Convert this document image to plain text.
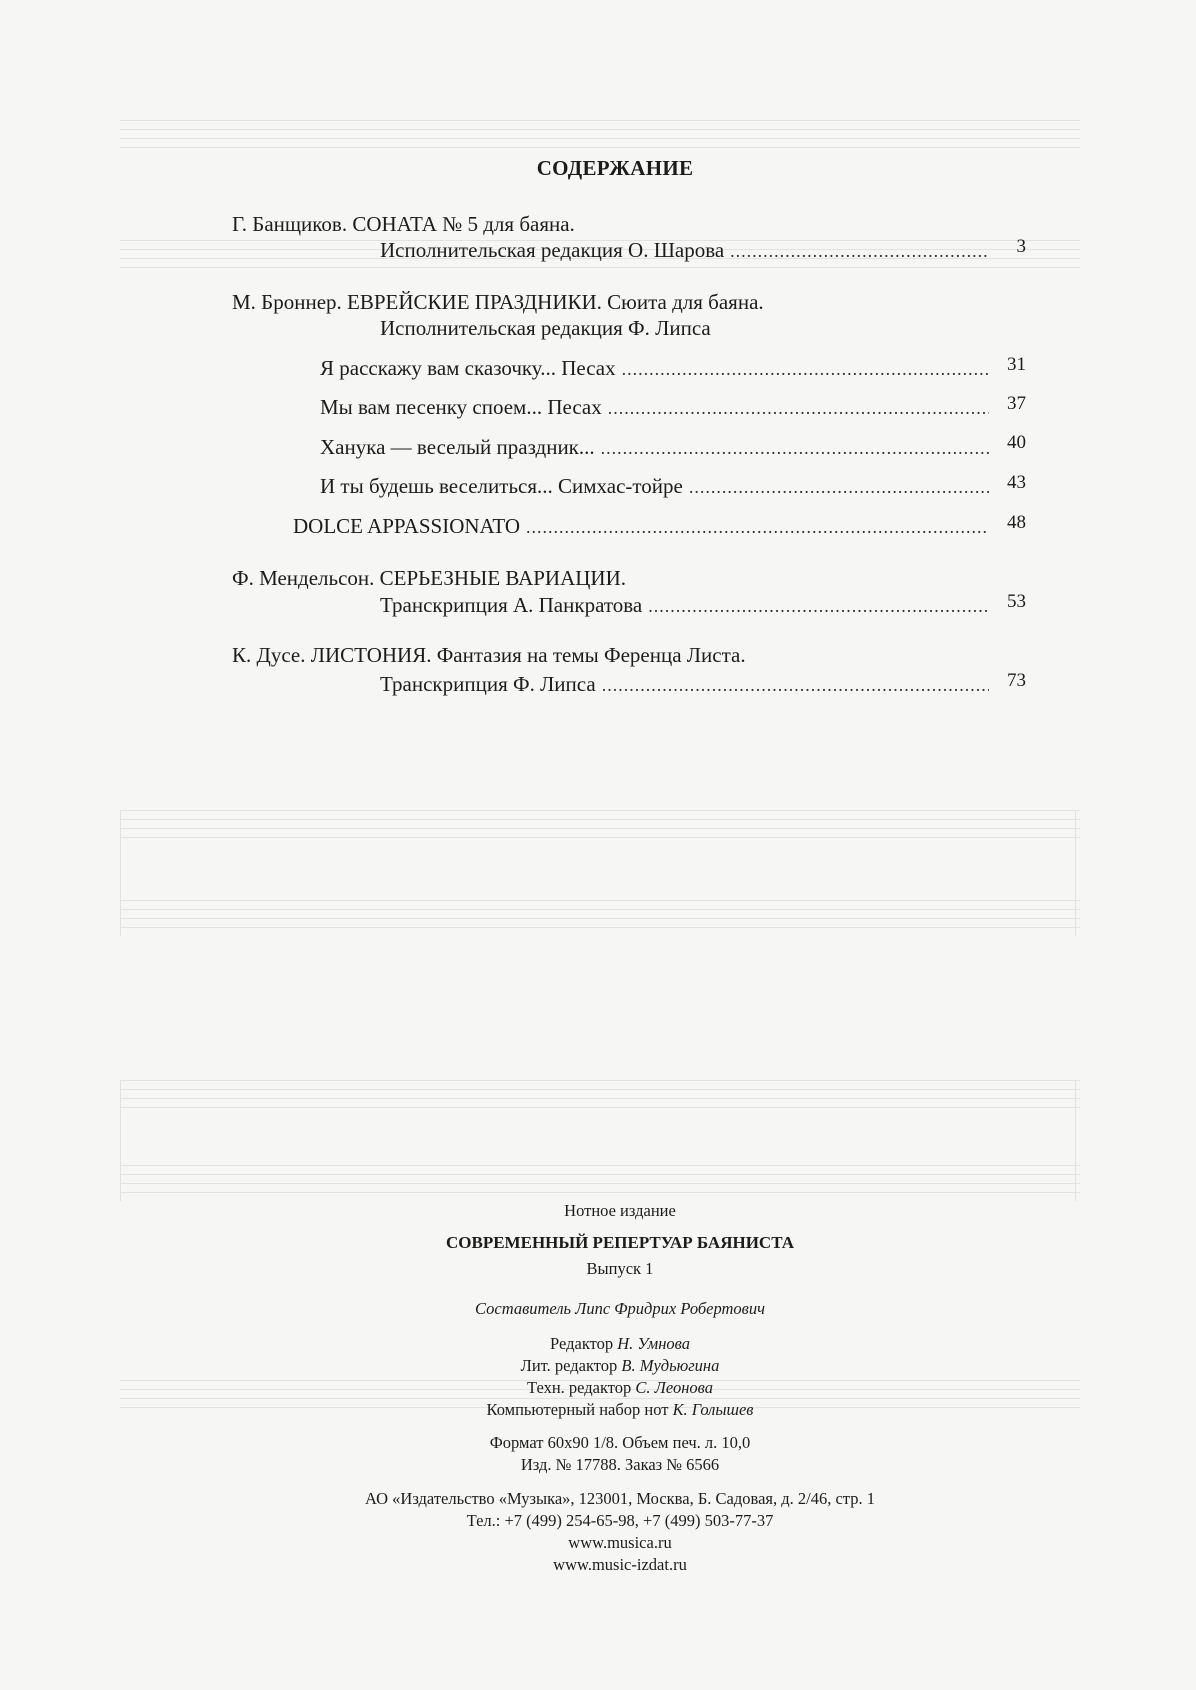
СОДЕРЖАНИЕ
Г. Банщиков. СОНАТА № 5 для баяна.
Исполнительская редакция О. Шарова .....	3
М. Броннер. ЕВРЕЙСКИЕ ПРАЗДНИКИ. Сюита для баяна.
Исполнительская редакция Ф. Липса
Я расскажу вам сказочку... Песах .....	31
Мы вам песенку споем... Песах .....	37
Ханука — веселый праздник... .....	40
И ты будешь веселиться... Симхас-тойре .....	43
DOLCE APPASSIONATO .....	48
Ф. Мендельсон. СЕРЬЕЗНЫЕ ВАРИАЦИИ.
Транскрипция А. Панкратова .....	53
К. Дусе. ЛИСТОНИЯ. Фантазия на темы Ференца Листа.
Транскрипция Ф. Липса .....	73
Нотное издание
СОВРЕМЕННЫЙ РЕПЕРТУАР БАЯНИСТА
Выпуск 1
Составитель Липс Фридрих Робертович
Редактор Н. Умнова
Лит. редактор В. Мудьюгина
Техн. редактор С. Леонова
Компьютерный набор нот К. Голышев
Формат 60x90 1/8. Объем печ. л. 10,0
Изд. № 17788. Заказ № 6566
АО «Издательство «Музыка», 123001, Москва, Б. Садовая, д. 2/46, стр. 1
Тел.: +7 (499) 254-65-98, +7 (499) 503-77-37
www.musica.ru
www.music-izdat.ru
